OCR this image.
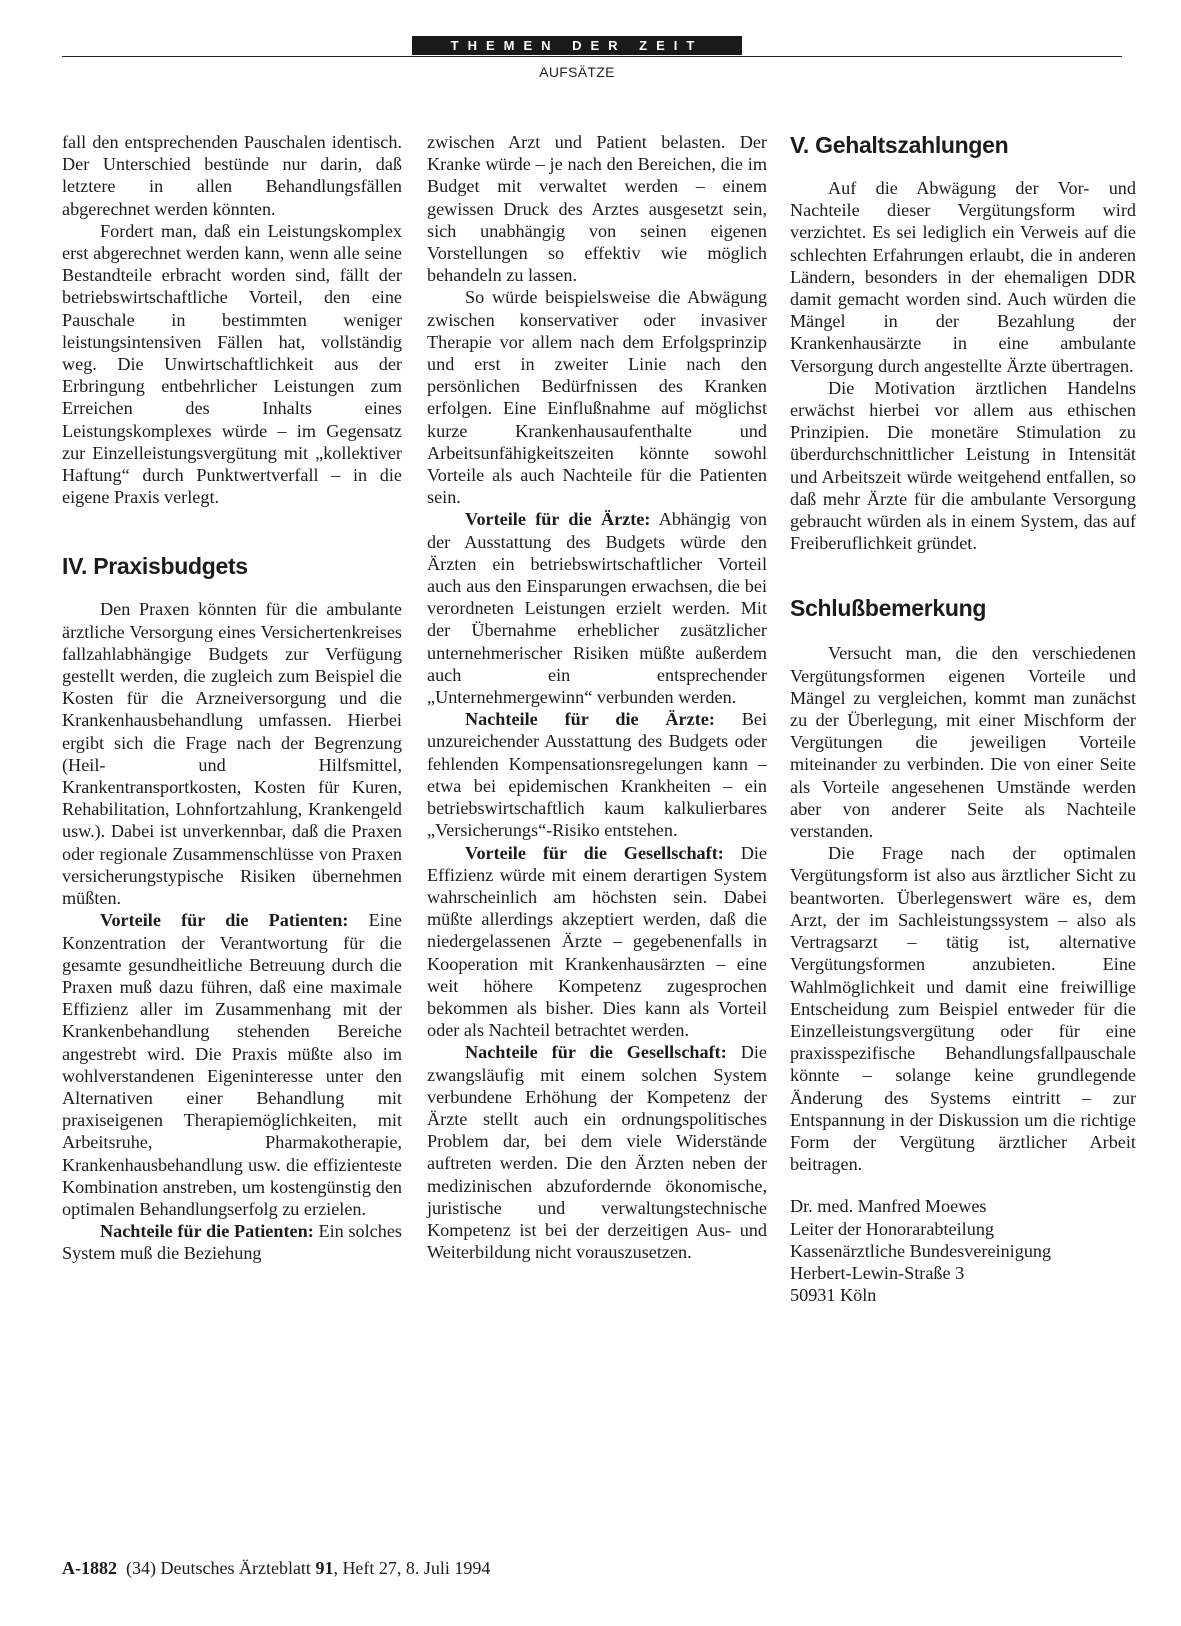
THEMEN DER ZEIT
AUFSÄTZE

fall den entsprechenden Pauschalen identisch. Der Unterschied bestünde nur darin, daß letztere in allen Behandlungsfällen abgerechnet werden könnten.

Fordert man, daß ein Leistungskomplex erst abgerechnet werden kann, wenn alle seine Bestandteile erbracht worden sind, fällt der betriebswirtschaftliche Vorteil, den eine Pauschale in bestimmten weniger leistungsintensiven Fällen hat, vollständig weg. Die Unwirtschaftlichkeit aus der Erbringung entbehrlicher Leistungen zum Erreichen des Inhalts eines Leistungskomplexes würde – im Gegensatz zur Einzelleistungsvergütung mit „kollektiver Haftung“ durch Punktwertverfall – in die eigene Praxis verlegt.

IV. Praxisbudgets

Den Praxen könnten für die ambulante ärztliche Versorgung eines Versichertenkreises fallzahlabhängige Budgets zur Verfügung gestellt werden, die zugleich zum Beispiel die Kosten für die Arzneiversorgung und die Krankenhausbehandlung umfassen. Hierbei ergibt sich die Frage nach der Begrenzung (Heil- und Hilfsmittel, Krankentransportkosten, Kosten für Kuren, Rehabilitation, Lohnfortzahlung, Krankengeld usw.). Dabei ist unverkennbar, daß die Praxen oder regionale Zusammenschlüsse von Praxen versicherungstypische Risiken übernehmen müßten.

Vorteile für die Patienten: Eine Konzentration der Verantwortung für die gesamte gesundheitliche Betreuung durch die Praxen muß dazu führen, daß eine maximale Effizienz aller im Zusammenhang mit der Krankenbehandlung stehenden Bereiche angestrebt wird. Die Praxis müßte also im wohlverstandenen Eigeninteresse unter den Alternativen einer Behandlung mit praxiseigenen Therapiemöglichkeiten, mit Arbeitsruhe, Pharmakotherapie, Krankenhausbehandlung usw. die effizienteste Kombination anstreben, um kostengünstig den optimalen Behandlungserfolg zu erzielen.

Nachteile für die Patienten: Ein solches System muß die Beziehung

zwischen Arzt und Patient belasten. Der Kranke würde – je nach den Bereichen, die im Budget mit verwaltet werden – einem gewissen Druck des Arztes ausgesetzt sein, sich unabhängig von seinen eigenen Vorstellungen so effektiv wie möglich behandeln zu lassen.

So würde beispielsweise die Abwägung zwischen konservativer oder invasiver Therapie vor allem nach dem Erfolgsprinzip und erst in zweiter Linie nach den persönlichen Bedürfnissen des Kranken erfolgen. Eine Einflußnahme auf möglichst kurze Krankenhausaufenthalte und Arbeitsunfähigkeitszeiten könnte sowohl Vorteile als auch Nachteile für die Patienten sein.

Vorteile für die Ärzte: Abhängig von der Ausstattung des Budgets würde den Ärzten ein betriebswirtschaftlicher Vorteil auch aus den Einsparungen erwachsen, die bei verordneten Leistungen erzielt werden. Mit der Übernahme erheblicher zusätzlicher unternehmerischer Risiken müßte außerdem auch ein entsprechender „Unternehmergewinn“ verbunden werden.

Nachteile für die Ärzte: Bei unzureichender Ausstattung des Budgets oder fehlenden Kompensationsregelungen kann – etwa bei epidemischen Krankheiten – ein betriebswirtschaftlich kaum kalkulierbares „Versicherungs“-Risiko entstehen.

Vorteile für die Gesellschaft: Die Effizienz würde mit einem derartigen System wahrscheinlich am höchsten sein. Dabei müßte allerdings akzeptiert werden, daß die niedergelassenen Ärzte – gegebenenfalls in Kooperation mit Krankenhausärzten – eine weit höhere Kompetenz zugesprochen bekommen als bisher. Dies kann als Vorteil oder als Nachteil betrachtet werden.

Nachteile für die Gesellschaft: Die zwangsläufig mit einem solchen System verbundene Erhöhung der Kompetenz der Ärzte stellt auch ein ordnungspolitisches Problem dar, bei dem viele Widerstände auftreten werden. Die den Ärzten neben der medizinischen abzufordernde ökonomische, juristische und verwaltungstechnische Kompetenz ist bei der derzeitigen Aus- und Weiterbildung nicht vorauszusetzen.

V. Gehaltszahlungen

Auf die Abwägung der Vor- und Nachteile dieser Vergütungsform wird verzichtet. Es sei lediglich ein Verweis auf die schlechten Erfahrungen erlaubt, die in anderen Ländern, besonders in der ehemaligen DDR damit gemacht worden sind. Auch würden die Mängel in der Bezahlung der Krankenhausärzte in eine ambulante Versorgung durch angestellte Ärzte übertragen.

Die Motivation ärztlichen Handelns erwächst hierbei vor allem aus ethischen Prinzipien. Die monetäre Stimulation zu überdurchschnittlicher Leistung in Intensität und Arbeitszeit würde weitgehend entfallen, so daß mehr Ärzte für die ambulante Versorgung gebraucht würden als in einem System, das auf Freiberuflichkeit gründet.

Schlußbemerkung

Versucht man, die den verschiedenen Vergütungsformen eigenen Vorteile und Mängel zu vergleichen, kommt man zunächst zu der Überlegung, mit einer Mischform der Vergütungen die jeweiligen Vorteile miteinander zu verbinden. Die von einer Seite als Vorteile angesehenen Umstände werden aber von anderer Seite als Nachteile verstanden.

Die Frage nach der optimalen Vergütungsform ist also aus ärztlicher Sicht zu beantworten. Überlegenswert wäre es, dem Arzt, der im Sachleistungssystem – also als Vertragsarzt – tätig ist, alternative Vergütungsformen anzubieten. Eine Wahlmöglichkeit und damit eine freiwillige Entscheidung zum Beispiel entweder für die Einzelleistungsvergütung oder für eine praxisspezifische Behandlungsfallpauschale könnte – solange keine grundlegende Änderung des Systems eintritt – zur Entspannung in der Diskussion um die richtige Form der Vergütung ärztlicher Arbeit beitragen.

Dr. med. Manfred Moewes
Leiter der Honorarabteilung
Kassenärztliche Bundesvereinigung
Herbert-Lewin-Straße 3
50931 Köln
A-1882 (34) Deutsches Ärzteblatt 91, Heft 27, 8. Juli 1994
